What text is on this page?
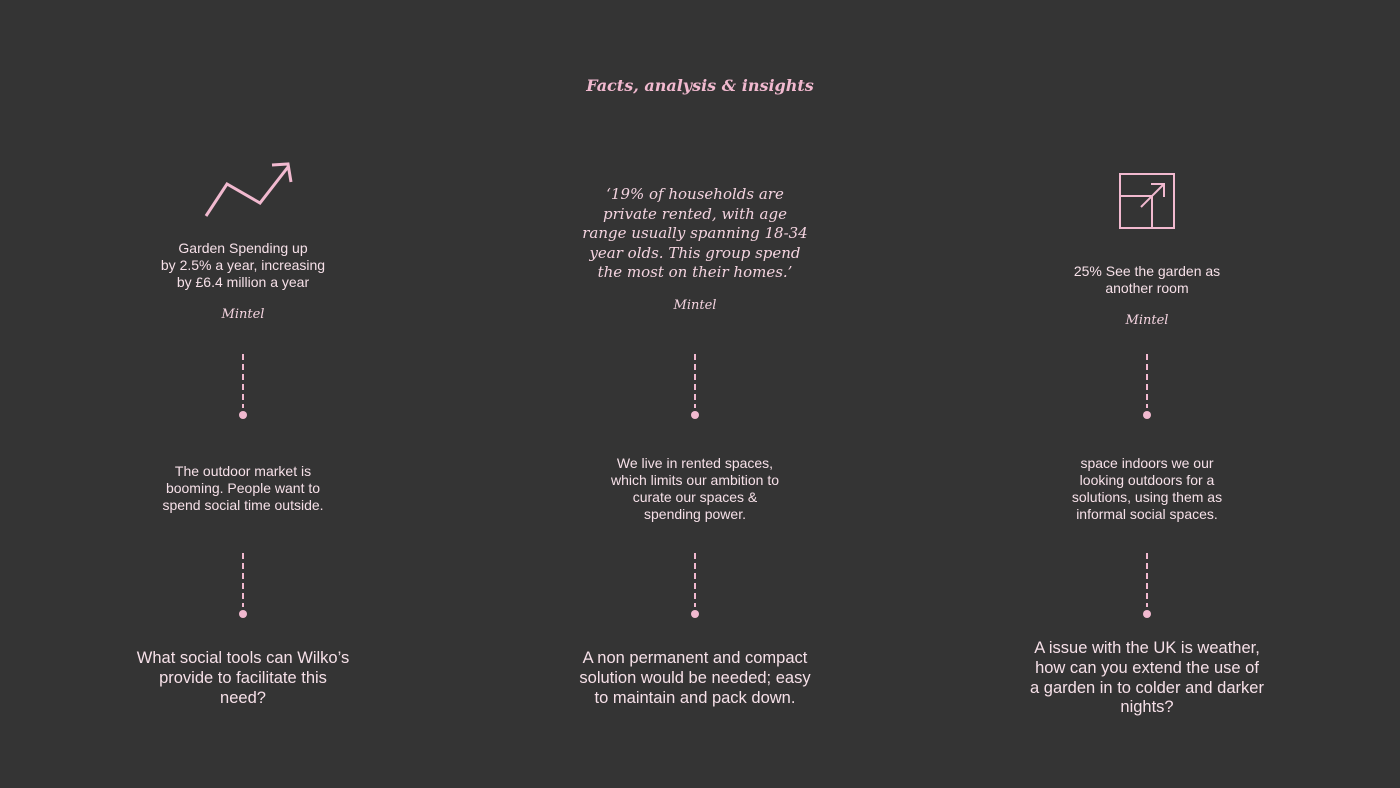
Facts, analysis & insights
Garden Spending up
by 2.5% a year, increasing
by £6.4 million a year
Mintel
The outdoor market is
booming. People want to
spend social time outside.
What social tools can Wilko’s
provide to facilitate this
need?
‘19% of households are
private rented, with age
range usually spanning 18-34
year olds. This group spend
the most on their homes.’
Mintel
We live in rented spaces,
which limits our ambition to
curate our spaces &
spending power.
A non permanent and compact
solution would be needed; easy
to maintain and pack down.
25% See the garden as
another room
Mintel
space indoors we our
looking outdoors for a
solutions, using them as
informal social spaces.
A issue with the UK is weather,
how can you extend the use of
a garden in to colder and darker
nights?
